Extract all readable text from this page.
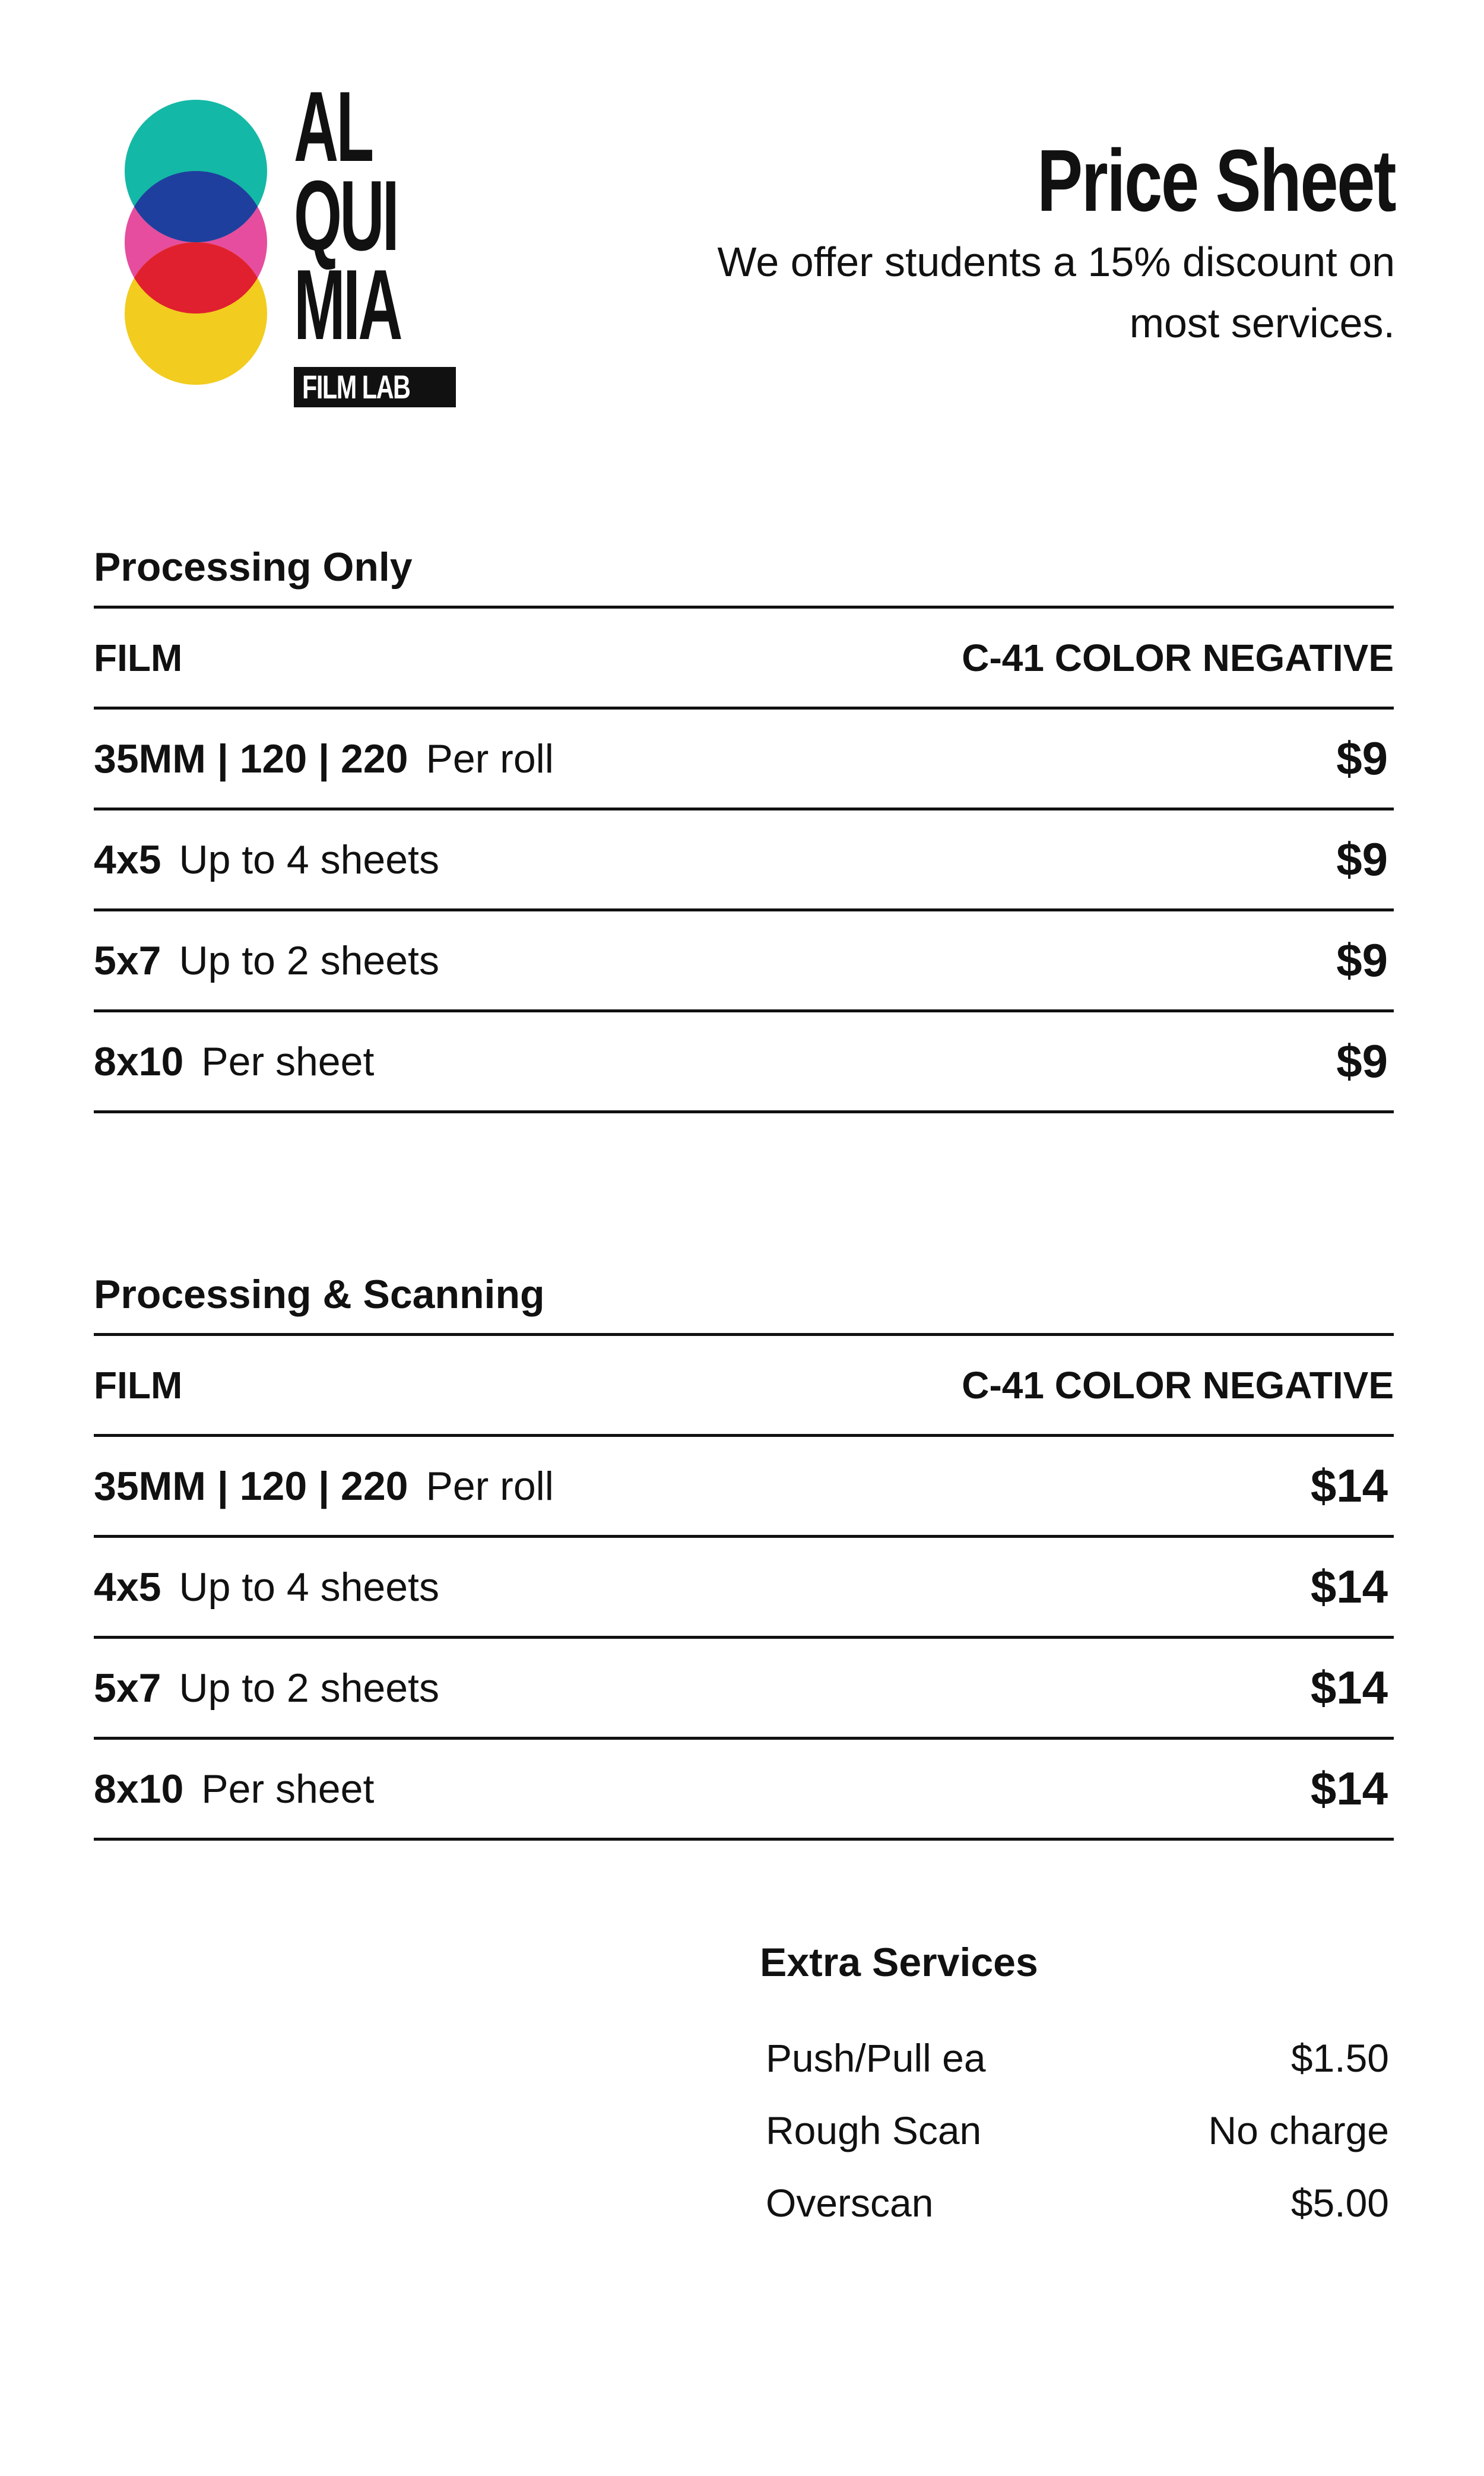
AL
QUI
MIA
FILM LAB
Price Sheet
We offer students a 15% discount on
most services.
Processing Only
FILM	C-41 COLOR NEGATIVE
35MM | 120 | 220 Per roll	$9
4x5 Up to 4 sheets	$9
5x7 Up to 2 sheets	$9
8x10 Per sheet	$9
Processing & Scanning
FILM	C-41 COLOR NEGATIVE
35MM | 120 | 220 Per roll	$14
4x5 Up to 4 sheets	$14
5x7 Up to 2 sheets	$14
8x10 Per sheet	$14
Extra Services
Push/Pull ea	$1.50
Rough Scan	No charge
Overscan	$5.00
